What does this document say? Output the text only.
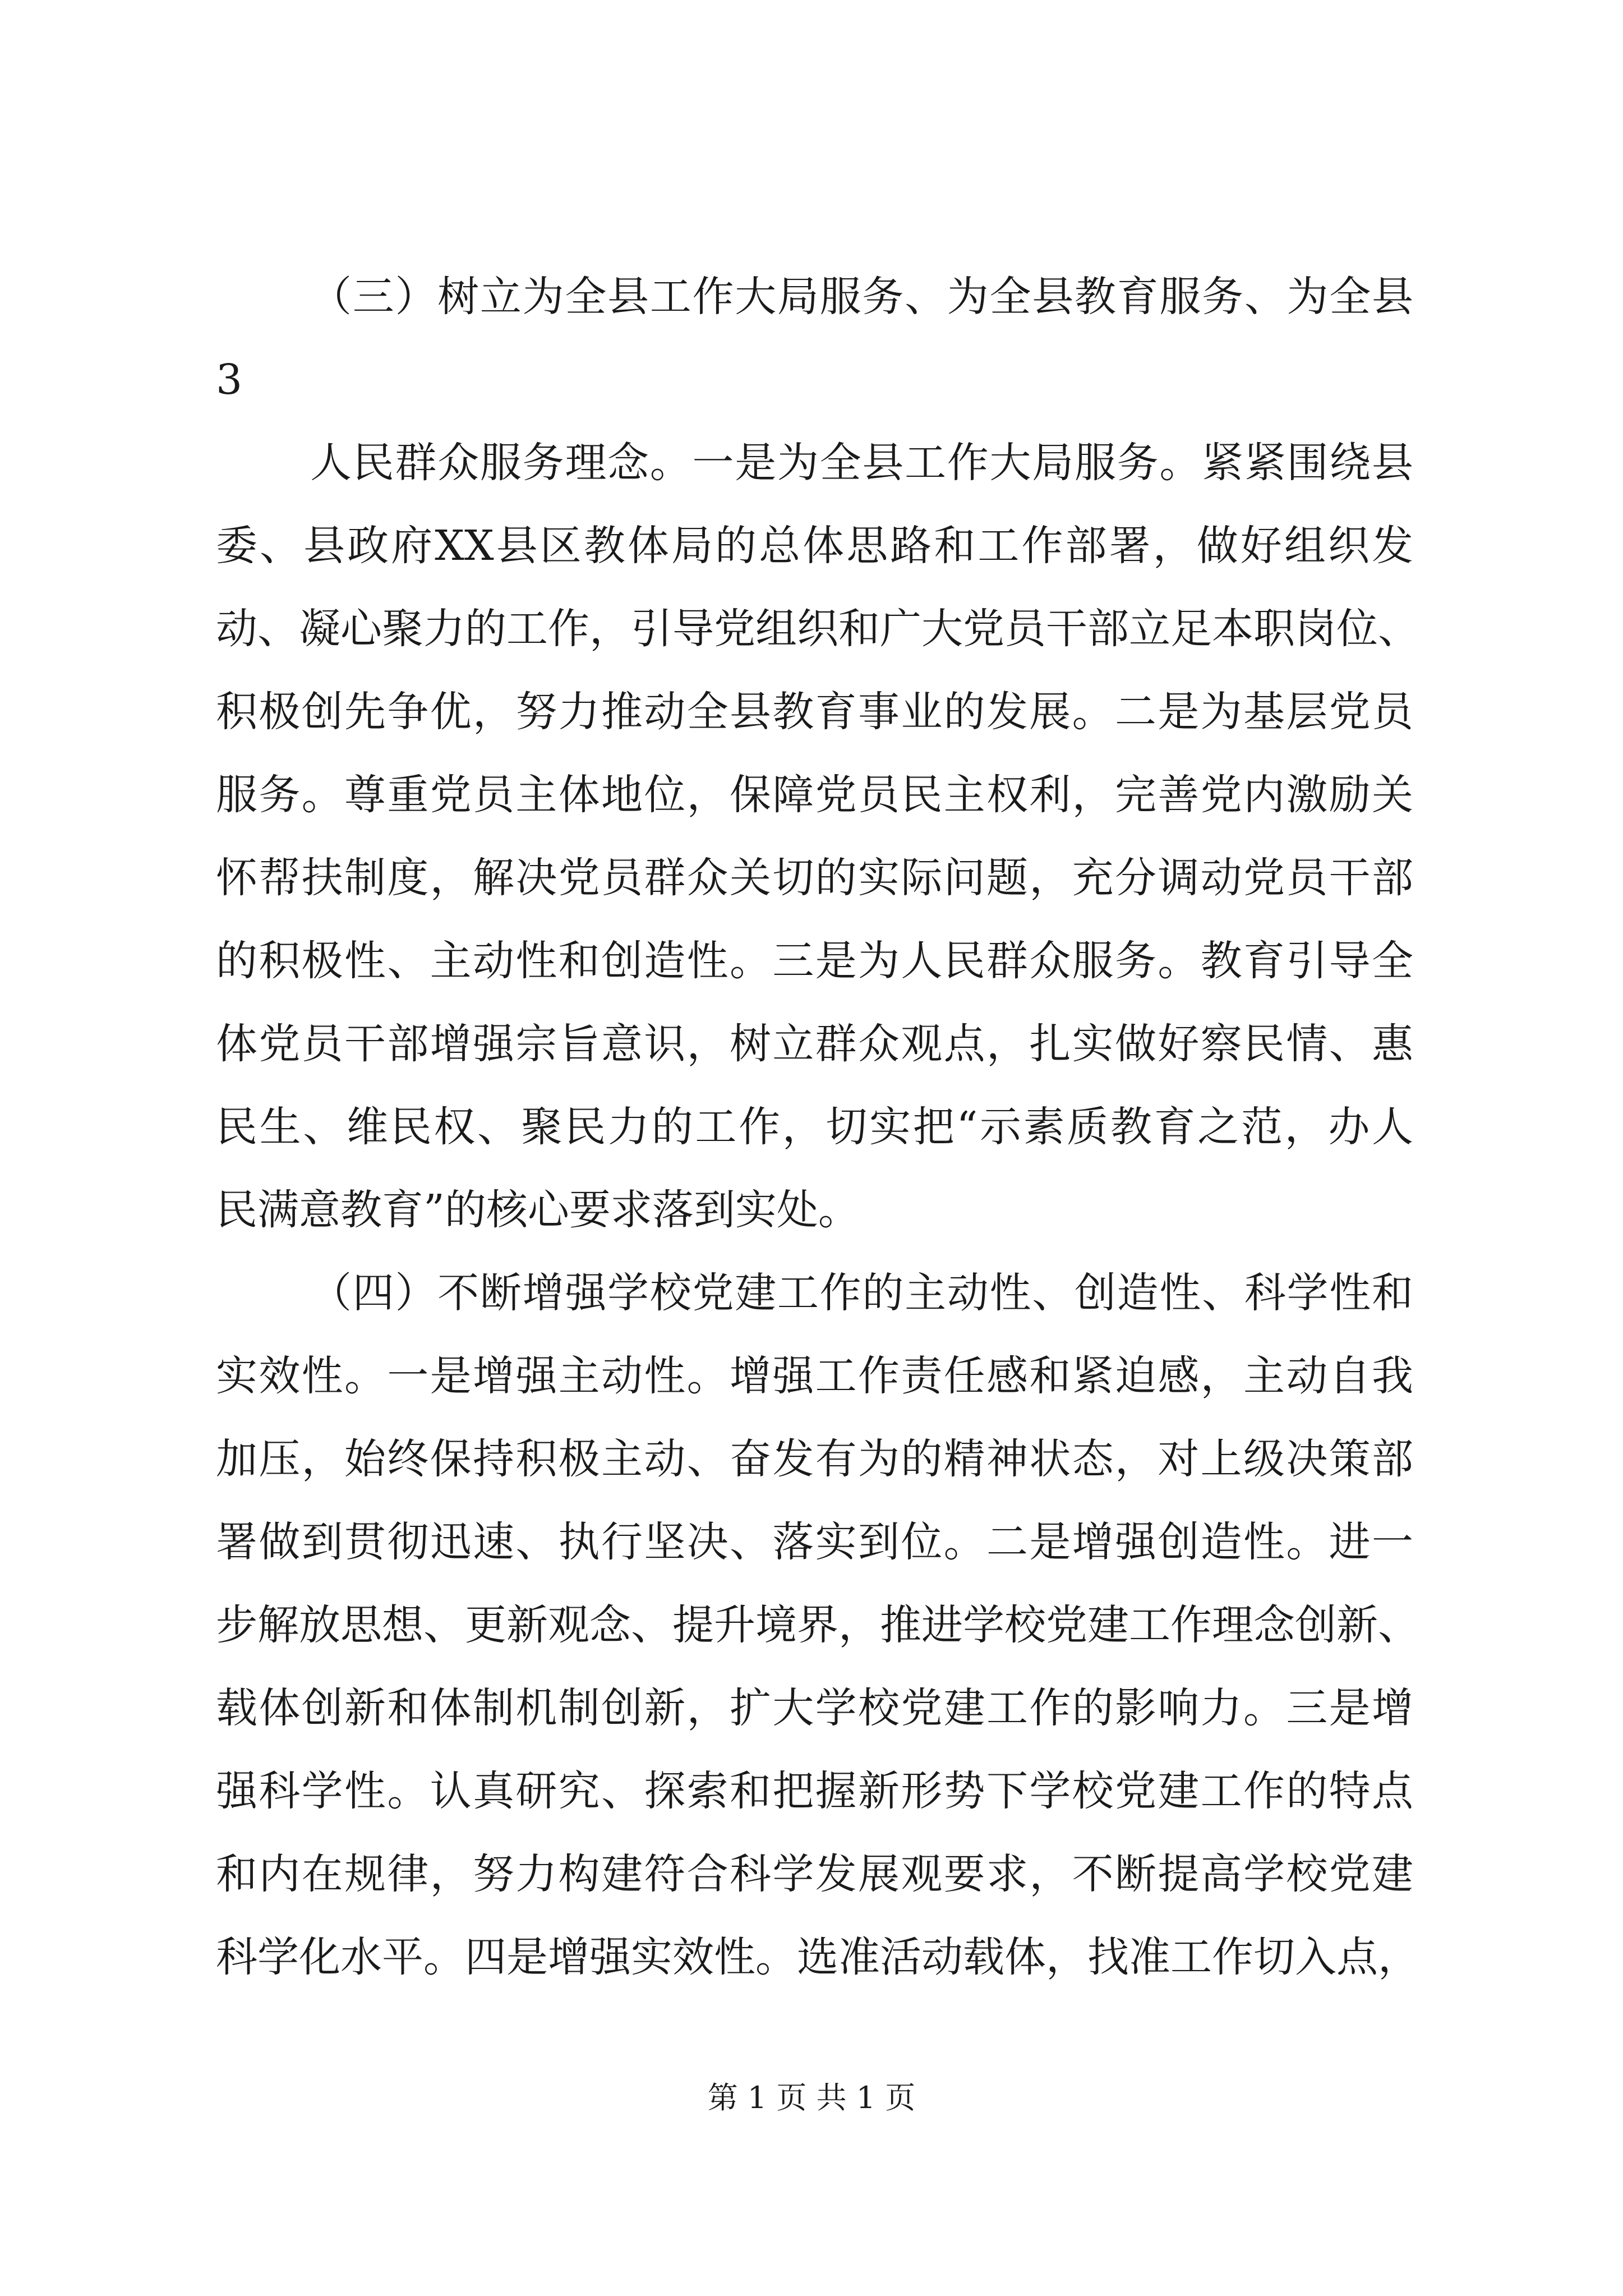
（三）树立为全县工作大局服务、为全县教育服务、为全县
3
人民群众服务理念。一是为全县工作大局服务。紧紧围绕县
委、县政府XX县区教体局的总体思路和工作部署，做好组织发
动、凝心聚力的工作，引导党组织和广大党员干部立足本职岗位、
积极创先争优，努力推动全县教育事业的发展。二是为基层党员
服务。尊重党员主体地位，保障党员民主权利，完善党内激励关
怀帮扶制度，解决党员群众关切的实际问题，充分调动党员干部
的积极性、主动性和创造性。三是为人民群众服务。教育引导全
体党员干部增强宗旨意识，树立群众观点，扎实做好察民情、惠
民生、维民权、聚民力的工作，切实把“示素质教育之范，办人
民满意教育”的核心要求落到实处。
（四）不断增强学校党建工作的主动性、创造性、科学性和
实效性。一是增强主动性。增强工作责任感和紧迫感，主动自我
加压，始终保持积极主动、奋发有为的精神状态，对上级决策部
署做到贯彻迅速、执行坚决、落实到位。二是增强创造性。进一
步解放思想、更新观念、提升境界，推进学校党建工作理念创新、
载体创新和体制机制创新，扩大学校党建工作的影响力。三是增
强科学性。认真研究、探索和把握新形势下学校党建工作的特点
和内在规律，努力构建符合科学发展观要求，不断提高学校党建
科学化水平。四是增强实效性。选准活动载体，找准工作切入点，
第 1 页 共 1 页
